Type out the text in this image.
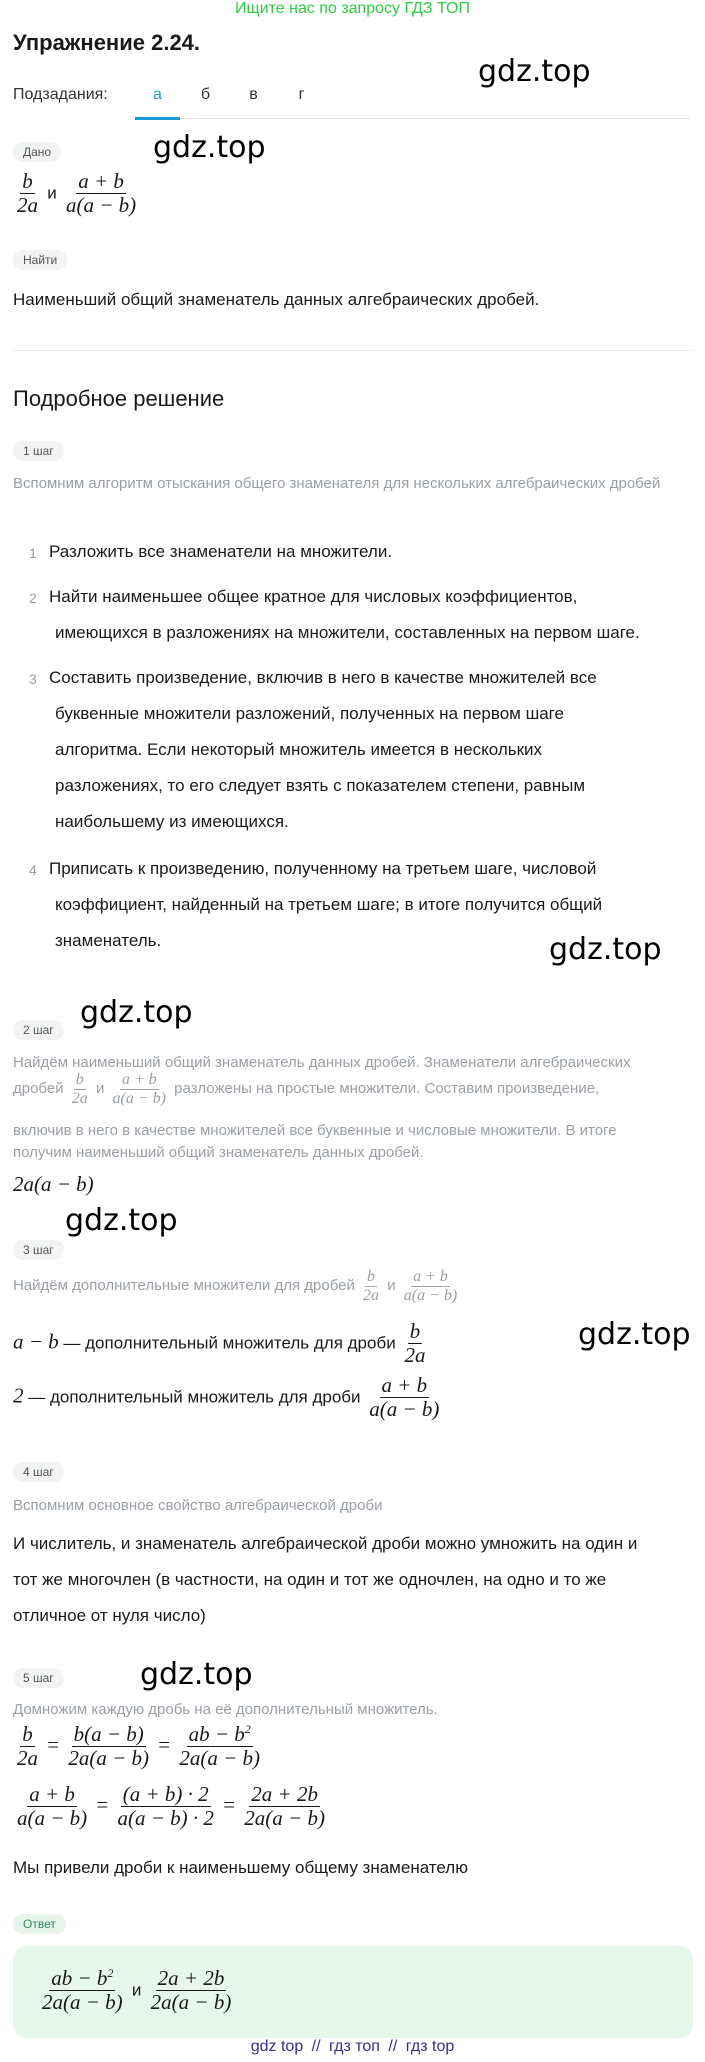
Ищите нас по запросу ГДЗ ТОП
Упражнение 2.24.
Подзадания:	а	б	в	г
gdz.top
gdz.top
gdz.top
gdz.top
gdz.top
gdz.top
gdz.top
Дано
$\frac{b}{2a}$ и $\frac{a + b}{a(a - b)}$
Найти
Наименьший общий знаменатель данных алгебраических дробей.
Подробное решение
1 шаг
Вспомним алгоритм отыскания общего знаменателя для нескольких алгебраических дробей
1 Разложить все знаменатели на множители.
2 Найти наименьшее общее кратное для числовых коэффициентов,
имеющихся в разложениях на множители, составленных на первом шаге.
3 Составить произведение, включив в него в качестве множителей все
буквенные множители разложений, полученных на первом шаге
алгоритма. Если некоторый множитель имеется в нескольких
разложениях, то его следует взять с показателем степени, равным
наибольшему из имеющихся.
4 Приписать к произведению, полученному на третьем шаге, числовой
коэффициент, найденный на третьем шаге; в итоге получится общий
знаменатель.
2 шаг
Найдём наименьший общий знаменатель данных дробей. Знаменатели алгебраических
дробей $\frac{b}{2a}$ и $\frac{a + b}{a(a - b)}$ разложены на простые множители. Составим произведение,
включив в него в качестве множителей все буквенные и числовые множители. В итоге
получим наименьший общий знаменатель данных дробей.
2a(a − b)
3 шаг
Найдём дополнительные множители для дробей $\frac{b}{2a}$ и $\frac{a + b}{a(a - b)}$
a − b — дополнительный множитель для дроби $\frac{b}{2a}$
2 — дополнительный множитель для дроби $\frac{a + b}{a(a - b)}$
4 шаг
Вспомним основное свойство алгебраической дроби
И числитель, и знаменатель алгебраической дроби можно умножить на один и
тот же многочлен (в частности, на один и тот же одночлен, на одно и то же
отличное от нуля число)
5 шаг
Домножим каждую дробь на её дополнительный множитель.
$\frac{b}{2a} = \frac{b(a - b)}{2a(a - b)} = \frac{ab - b^2}{2a(a - b)}$
$\frac{a + b}{a(a - b)} = \frac{(a + b) \cdot 2}{a(a - b) \cdot 2} = \frac{2a + 2b}{2a(a - b)}$
Мы привели дроби к наименьшему общему знаменателю
Ответ
$\frac{ab - b^2}{2a(a - b)}$ и $\frac{2a + 2b}{2a(a - b)}$
gdz top // гдз топ // гдз top
